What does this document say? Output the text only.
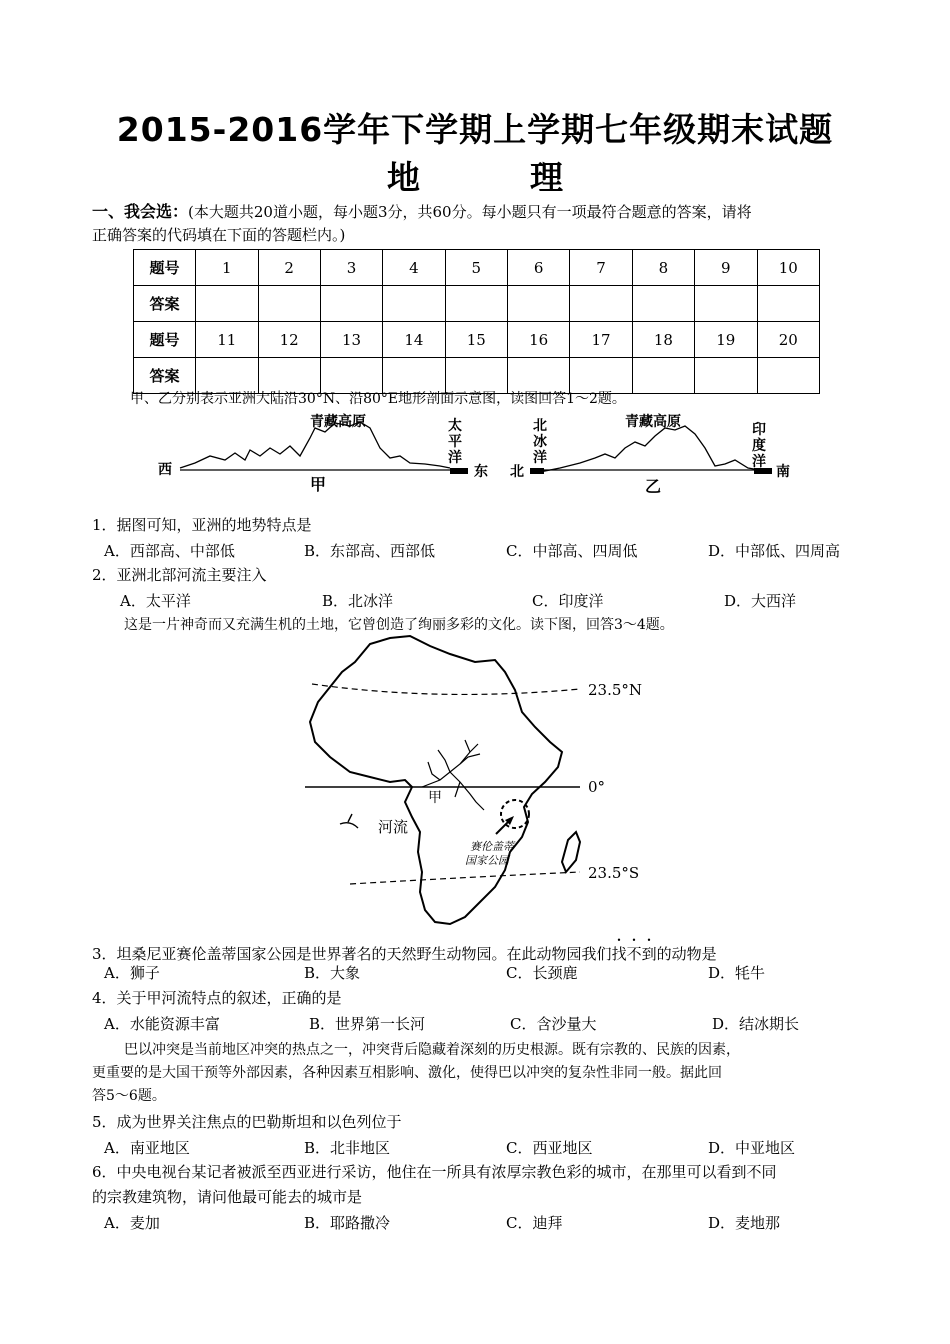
2015-2016学年下学期上学期七年级期末试题
地	理
一、我会选：(本大题共20道小题，每小题3分，共60分。每小题只有一项最符合题意的答案，请将
正确答案的代码填在下面的答题栏内。)
题号	1	2	3	4	5	6	7	8	9	10
答案										
题号	11	12	13	14	15	16	17	18	19	20
答案										
甲、乙分别表示亚洲大陆沿30°N、沿80°E地形剖面示意图，读图回答1～2题。
西	东
青藏高原	太
平
洋
甲
北	南
北
冰
洋
青藏高原	印
度
洋
乙
1．据图可知，亚洲的地势特点是
A．西部高、中部低	B．东部高、西部低	C．中部高、四周低	D．中部低、四周高
2．亚洲北部河流主要注入
A．太平洋	B．北冰洋	C．印度洋	D．大西洋
这是一片神奇而又充满生机的土地，它曾创造了绚丽多彩的文化。读下图，回答3～4题。
河流
甲
赛伦盖蒂
国家公园
23.5°N
0°
23.5°S
3．坦桑尼亚赛伦盖蒂国家公园是世界著名的天然野生动物园。在此动物园我们找不到的动物是
A．狮子	B．大象	C．长颈鹿	D．牦牛
4．关于甲河流特点的叙述，正确的是
A．水能资源丰富	B．世界第一长河	C．含沙量大	D．结冰期长
巴以冲突是当前地区冲突的热点之一，冲突背后隐藏着深刻的历史根源。既有宗教的、民族的因素，
更重要的是大国干预等外部因素，各种因素互相影响、激化，使得巴以冲突的复杂性非同一般。据此回
答5～6题。
5．成为世界关注焦点的巴勒斯坦和以色列位于
A．南亚地区	B．北非地区	C．西亚地区	D．中亚地区
6．中央电视台某记者被派至西亚进行采访，他住在一所具有浓厚宗教色彩的城市，在那里可以看到不同
的宗教建筑物，请问他最可能去的城市是
A．麦加	B．耶路撒冷	C．迪拜	D．麦地那
